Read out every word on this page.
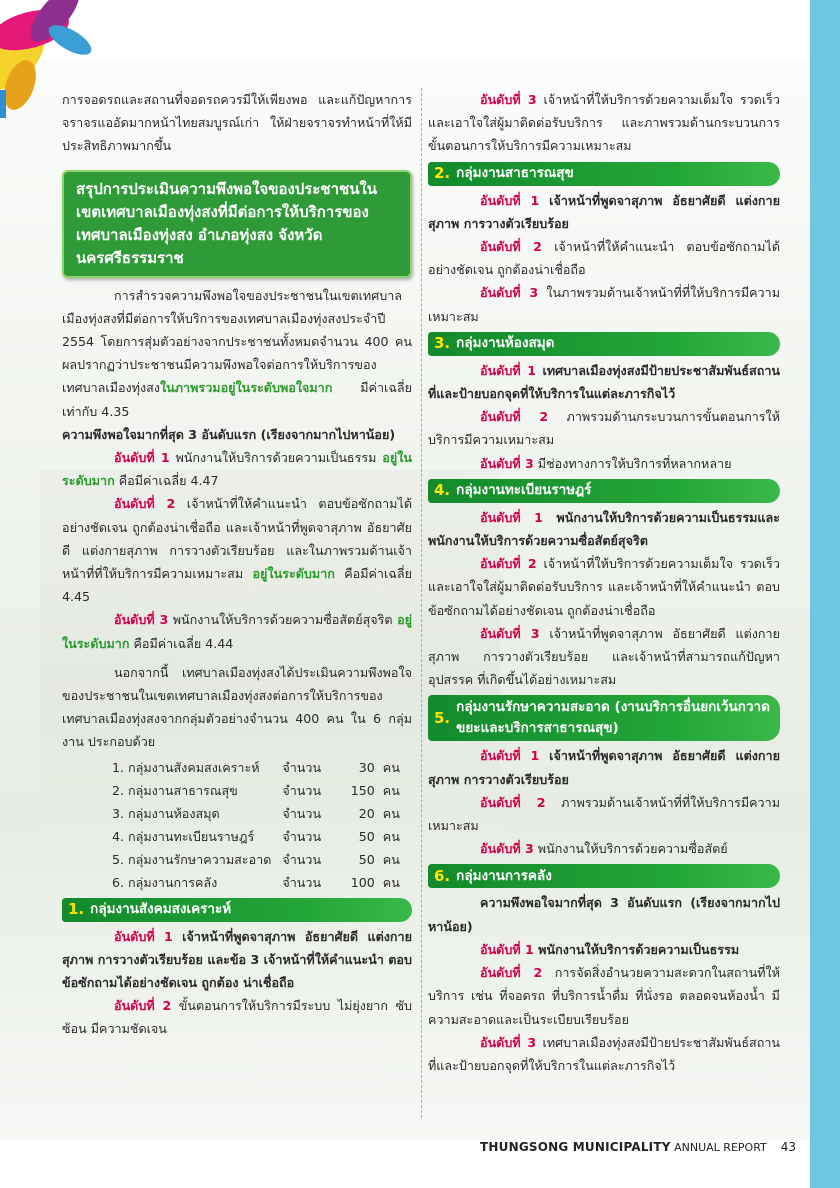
การจอดรถและสถานที่จอดรถควรมีให้เพียงพอ และแก้ปัญหาการจราจรแออัดมากหน้าไทยสมบูรณ์เก่า ให้ฝ่ายจราจรทำหน้าที่ให้มีประสิทธิภาพมากขึ้น

สรุปการประเมินความพึงพอใจของประชาชนในเขตเทศบาลเมืองทุ่งสงที่มีต่อการให้บริการของเทศบาลเมืองทุ่งสง อำเภอทุ่งสง จังหวัดนครศรีธรรมราช

การสำรวจความพึงพอใจของประชาชนในเขตเทศบาลเมืองทุ่งสงที่มีต่อการให้บริการของเทศบาลเมืองทุ่งสงประจำปี 2554 โดยการสุ่มตัวอย่างจากประชาชนทั้งหมดจำนวน 400 คน ผลปรากฏว่าประชาชนมีความพึงพอใจต่อการให้บริการของเทศบาลเมืองทุ่งสงในภาพรวมอยู่ในระดับพอใจมาก มีค่าเฉลี่ยเท่ากับ 4.35

ความพึงพอใจมากที่สุด 3 อันดับแรก (เรียงจากมากไปหาน้อย)

อันดับที่ 1 พนักงานให้บริการด้วยความเป็นธรรม อยู่ในระดับมาก คือมีค่าเฉลี่ย 4.47

อันดับที่ 2 เจ้าหน้าที่ให้คำแนะนำ ตอบข้อซักถามได้อย่างชัดเจน ถูกต้องน่าเชื่อถือ และเจ้าหน้าที่พูดจาสุภาพ อัธยาศัยดี แต่งกายสุภาพ การวางตัวเรียบร้อย และในภาพรวมด้านเจ้าหน้าที่ที่ให้บริการมีความเหมาะสม อยู่ในระดับมาก คือมีค่าเฉลี่ย 4.45

อันดับที่ 3 พนักงานให้บริการด้วยความซื่อสัตย์สุจริต อยู่ในระดับมาก คือมีค่าเฉลี่ย 4.44

นอกจากนี้ เทศบาลเมืองทุ่งสงได้ประเมินความพึงพอใจของประชาชนในเขตเทศบาลเมืองทุ่งสงต่อการให้บริการของเทศบาลเมืองทุ่งสงจากกลุ่มตัวอย่างจำนวน 400 คน ใน 6 กลุ่มงาน ประกอบด้วย

1. กลุ่มงานสังคมสงเคราะห์	จำนวน	30 คน
2. กลุ่มงานสาธารณสุข	จำนวน	150 คน
3. กลุ่มงานห้องสมุด	จำนวน	20 คน
4. กลุ่มงานทะเบียนราษฎร์	จำนวน	50 คน
5. กลุ่มงานรักษาความสะอาด จำนวน	50 คน
6. กลุ่มงานการคลัง	จำนวน	100 คน
1. กลุ่มงานสังคมสงเคราะห์

อันดับที่ 1 เจ้าหน้าที่พูดจาสุภาพ อัธยาศัยดี แต่งกายสุภาพ การวางตัวเรียบร้อย และข้อ 3 เจ้าหน้าที่ให้คำแนะนำ ตอบข้อซักถามได้อย่างชัดเจน ถูกต้อง น่าเชื่อถือ

อันดับที่ 2 ขั้นตอนการให้บริการมีระบบ ไม่ยุ่งยาก ซับซ้อน มีความชัดเจน

อันดับที่ 3 เจ้าหน้าที่ให้บริการด้วยความเต็มใจ รวดเร็ว และเอาใจใส่ผู้มาติดต่อรับบริการ และภาพรวมด้านกระบวนการขั้นตอนการให้บริการมีความเหมาะสม

2. กลุ่มงานสาธารณสุข

อันดับที่ 1 เจ้าหน้าที่พูดจาสุภาพ อัธยาศัยดี แต่งกายสุภาพ การวางตัวเรียบร้อย

อันดับที่ 2 เจ้าหน้าที่ให้คำแนะนำ ตอบข้อซักถามได้อย่างชัดเจน ถูกต้องน่าเชื่อถือ

อันดับที่ 3 ในภาพรวมด้านเจ้าหน้าที่ที่ให้บริการมีความเหมาะสม

3. กลุ่มงานห้องสมุด

อันดับที่ 1 เทศบาลเมืองทุ่งสงมีป้ายประชาสัมพันธ์สถานที่และป้ายบอกจุดที่ให้บริการในแต่ละภารกิจไว้

อันดับที่ 2 ภาพรวมด้านกระบวนการขั้นตอนการให้บริการมีความเหมาะสม

อันดับที่ 3 มีช่องทางการให้บริการที่หลากหลาย

4. กลุ่มงานทะเบียนราษฎร์

อันดับที่ 1 พนักงานให้บริการด้วยความเป็นธรรมและพนักงานให้บริการด้วยความซื่อสัตย์สุจริต

อันดับที่ 2 เจ้าหน้าที่ให้บริการด้วยความเต็มใจ รวดเร็ว และเอาใจใส่ผู้มาติดต่อรับบริการ และเจ้าหน้าที่ให้คำแนะนำ ตอบข้อซักถามได้อย่างชัดเจน ถูกต้องน่าเชื่อถือ

อันดับที่ 3 เจ้าหน้าที่พูดจาสุภาพ อัธยาศัยดี แต่งกายสุภาพ การวางตัวเรียบร้อย และเจ้าหน้าที่สามารถแก้ปัญหา อุปสรรค ที่เกิดขึ้นได้อย่างเหมาะสม

5.
กลุ่มงานรักษาความสะอาด (งานบริการอื่นยกเว้นกวาดขยะและบริการสาธารณสุข)

อันดับที่ 1 เจ้าหน้าที่พูดจาสุภาพ อัธยาศัยดี แต่งกายสุภาพ การวางตัวเรียบร้อย

อันดับที่ 2 ภาพรวมด้านเจ้าหน้าที่ที่ให้บริการมีความเหมาะสม

อันดับที่ 3 พนักงานให้บริการด้วยความซื่อสัตย์

6. กลุ่มงานการคลัง

ความพึงพอใจมากที่สุด 3 อันดับแรก (เรียงจากมากไปหาน้อย)

อันดับที่ 1 พนักงานให้บริการด้วยความเป็นธรรม

อันดับที่ 2 การจัดสิ่งอำนวยความสะดวกในสถานที่ให้บริการ เช่น ที่จอดรถ ที่บริการน้ำดื่ม ที่นั่งรอ ตลอดจนห้องน้ำ มีความสะอาดและเป็นระเบียบเรียบร้อย

อันดับที่ 3 เทศบาลเมืองทุ่งสงมีป้ายประชาสัมพันธ์สถานที่และป้ายบอกจุดที่ให้บริการในแต่ละภารกิจไว้

THUNGSONG MUNICIPALITY ANNUAL REPORT 43
